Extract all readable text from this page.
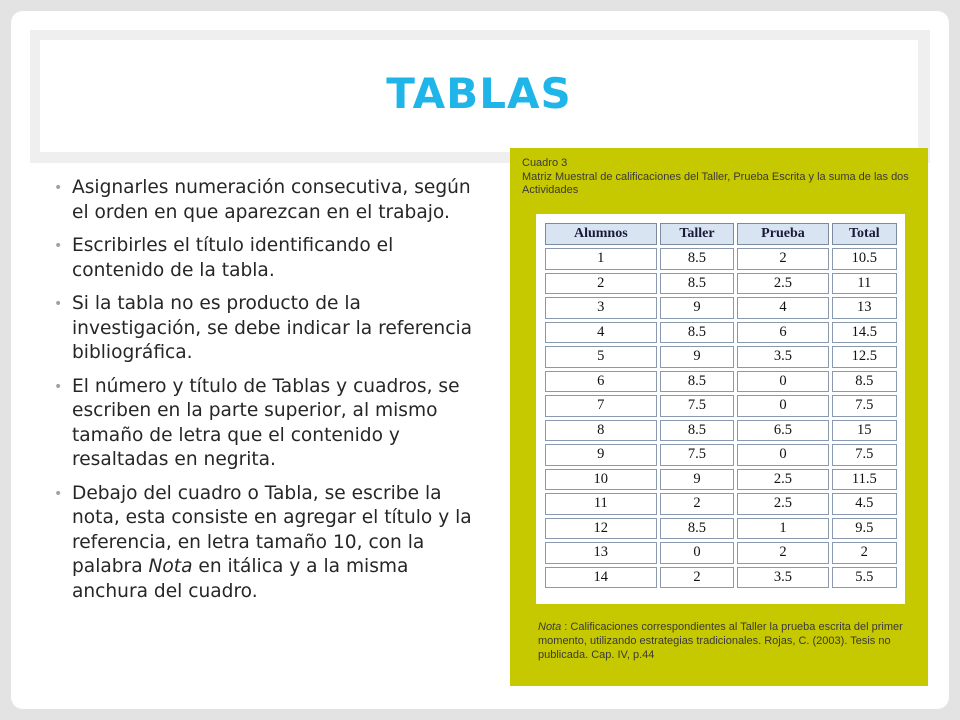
TABLAS
• Asignarles numeración consecutiva, según el orden en que aparezcan en el trabajo.
• Escribirles el título identificando el contenido de la tabla.
• Si la tabla no es producto de la investigación, se debe indicar la referencia bibliográfica.
• El número y título de Tablas y cuadros, se escriben en la parte superior, al mismo tamaño de letra que el contenido y resaltadas en negrita.
• Debajo del cuadro o Tabla, se escribe la nota, esta consiste en agregar el título y la referencia, en letra tamaño 10, con la palabra Nota en itálica y a la misma anchura del cuadro.
Cuadro 3
Matriz Muestral de calificaciones del Taller, Prueba Escrita y la suma de las dos Actividades
Alumnos	Taller	Prueba	Total
1	8.5	2	10.5
2	8.5	2.5	11
3	9	4	13
4	8.5	6	14.5
5	9	3.5	12.5
6	8.5	0	8.5
7	7.5	0	7.5
8	8.5	6.5	15
9	7.5	0	7.5
10	9	2.5	11.5
11	2	2.5	4.5
12	8.5	1	9.5
13	0	2	2
14	2	3.5	5.5
Nota : Calificaciones correspondientes al Taller la prueba escrita del primer momento, utilizando estrategias tradicionales. Rojas, C. (2003). Tesis no publicada. Cap. IV, p.44
